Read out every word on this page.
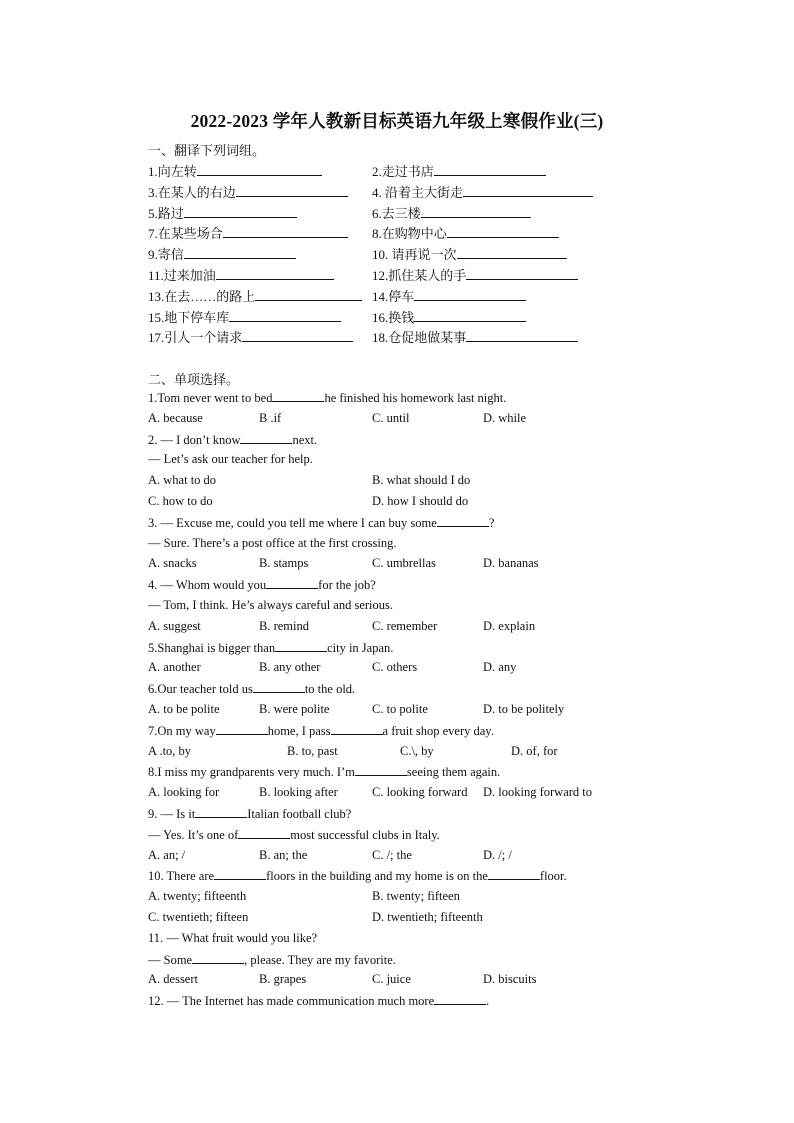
2022-2023 学年人教新目标英语九年级上寒假作业(三)
一、翻译下列词组。
1.向左转	2.走过书店
3.在某人的右边	4. 沿着主大街走
5.路过	6.去三楼
7.在某些场合	8.在购物中心
9.寄信	10. 请再说一次
11.过来加油	12.抓住某人的手
13.在去……的路上	14.停车
15.地下停车库	16.换钱
17.引人一个请求	18.仓促地做某事
二、单项选择。
1.Tom never went to bed	he finished his homework last night.
A. because	B .if	C. until	D. while
2. — I don’t know	next.
— Let’s ask our teacher for help.
A. what to do	B. what should I do
C. how to do	D. how I should do
3. — Excuse me, could you tell me where I can buy some	?
— Sure. There’s a post office at the first crossing.
A. snacks	B. stamps	C. umbrellas	D. bananas
4. — Whom would you	for the job?
— Tom, I think. He’s always careful and serious.
A. suggest	B. remind	C. remember	D. explain
5.Shanghai is bigger than	city in Japan.
A. another	B. any other	C. others	D. any
6.Our teacher told us	to the old.
A. to be polite	B. were polite	C. to polite	D. to be politely
7.On my way	home, I pass	a fruit shop every day.
A .to, by	B. to, past	C.\, by	D. of, for
8.I miss my grandparents very much. I’m	seeing them again.
A. looking for	B. looking after	C. looking forward D. looking forward to
9. — Is it	Italian football club?
— Yes. It’s one of	most successful clubs in Italy.
A. an; /	B. an; the	C. /; the	D. /; /
10. There are	floors in the building and my home is on the	floor.
A. twenty; fifteenth	B. twenty; fifteen
C. twentieth; fifteen	D. twentieth; fifteenth
11. — What fruit would you like?
— Some	, please. They are my favorite.
A. dessert	B. grapes	C. juice	D. biscuits
12. — The Internet has made communication much more	.
